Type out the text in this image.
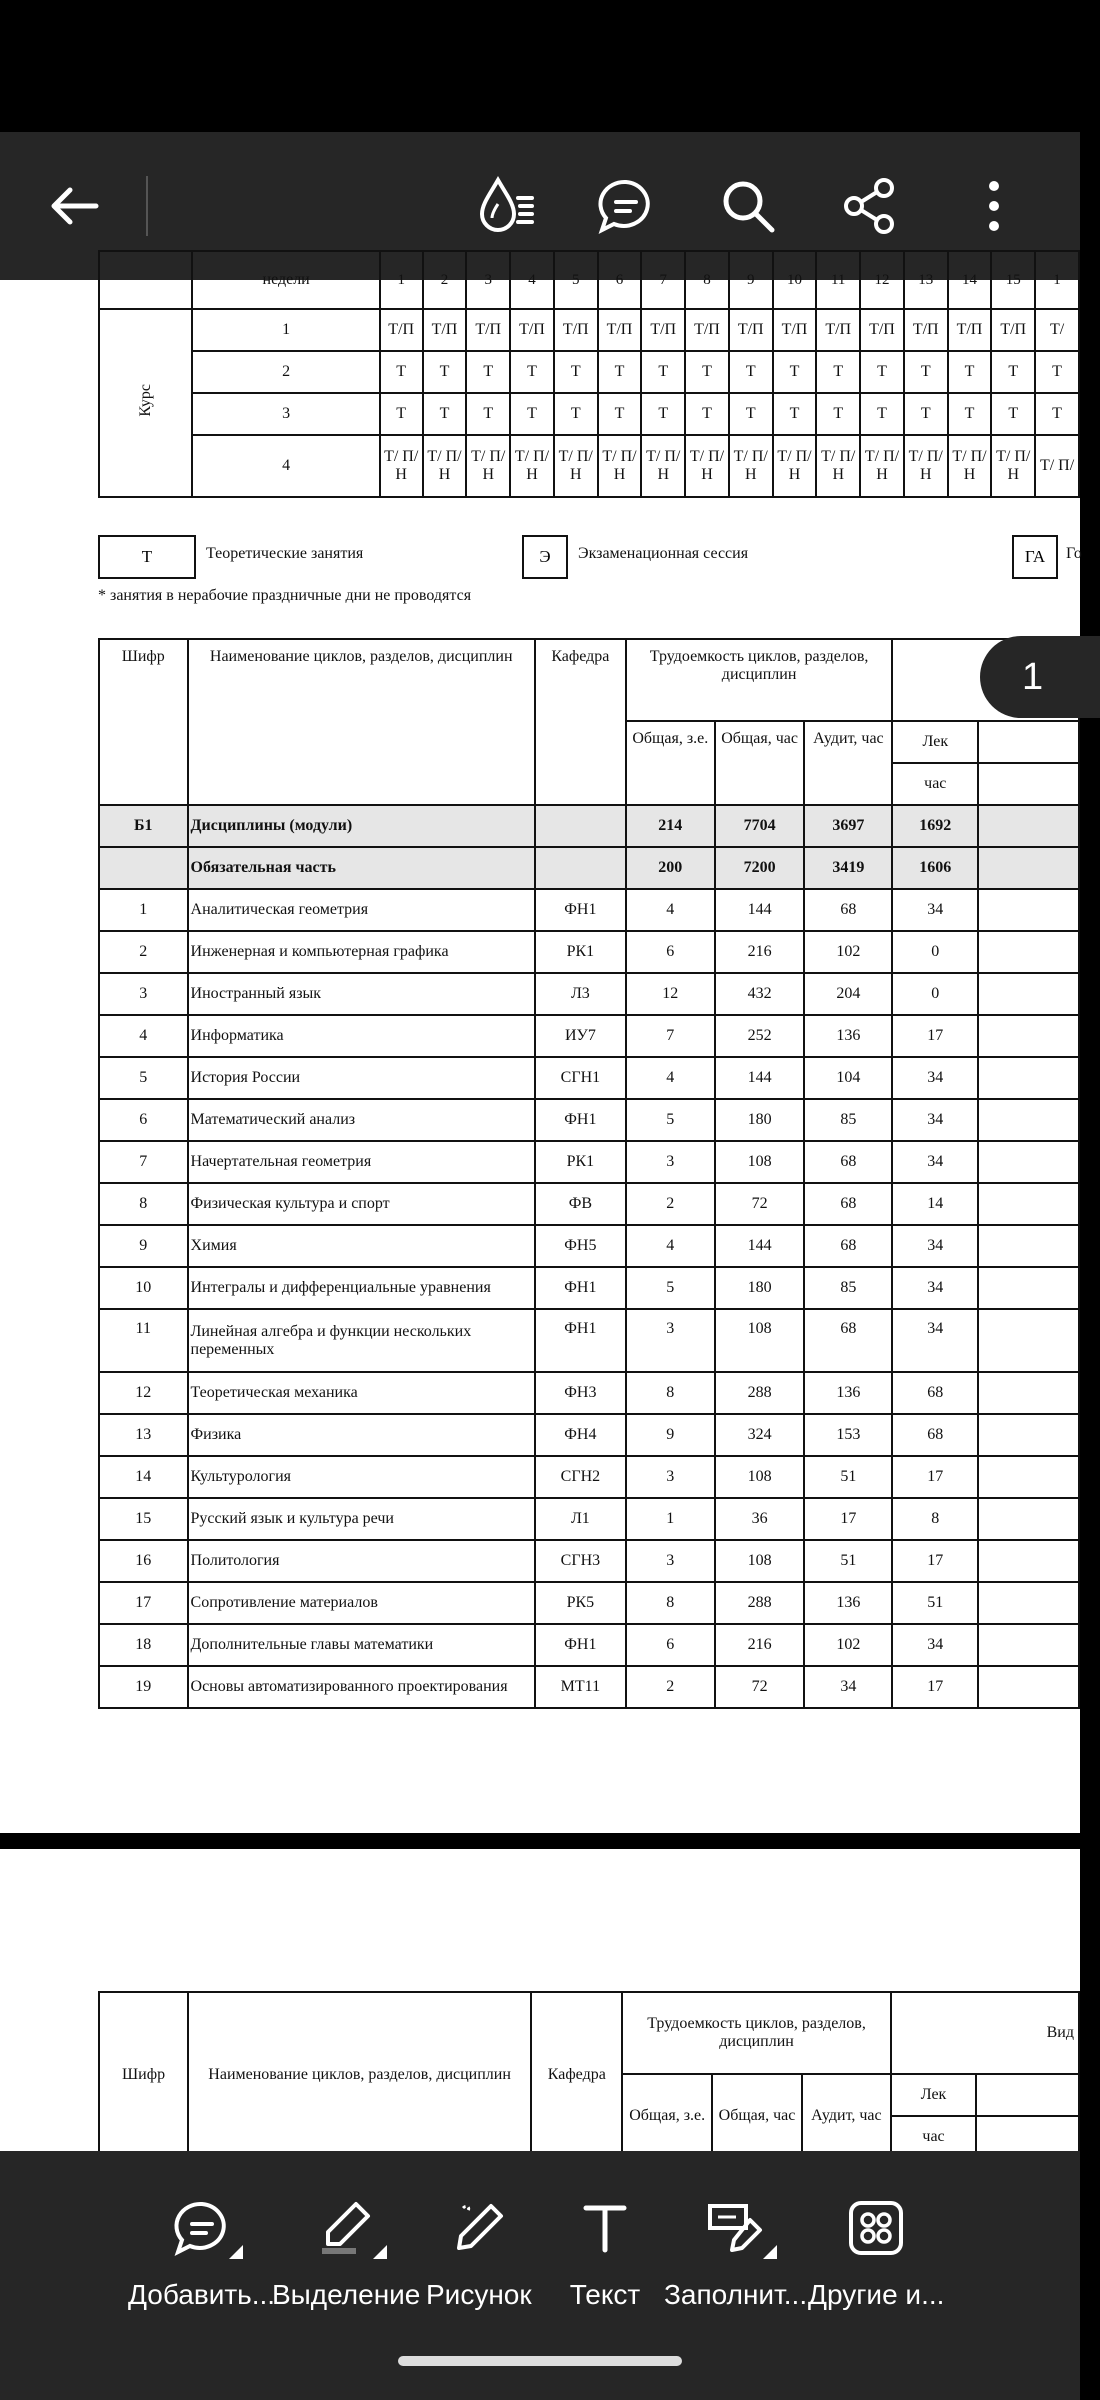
	недели	1	2	3	4	5	6	7	8	9	10	11	12	13	14	15	1
Курс	1	Т/П	Т/П	Т/П	Т/П	Т/П	Т/П	Т/П	Т/П	Т/П	Т/П	Т/П	Т/П	Т/П	Т/П	Т/П	Т/
	2	Т	Т	Т	Т	Т	Т	Т	Т	Т	Т	Т	Т	Т	Т	Т	Т
	3	Т	Т	Т	Т	Т	Т	Т	Т	Т	Т	Т	Т	Т	Т	Т	Т
	4	Т/ П/Н	Т/ П/Н	Т/ П/Н	Т/ П/Н	Т/ П/Н	Т/ П/Н	Т/ П/Н	Т/ П/Н	Т/ П/Н	Т/ П/Н	Т/ П/Н	Т/ П/Н	Т/ П/Н	Т/ П/Н	Т/ П/Н	Т/ П/
Т	Теоретические занятия	Э	Экзаменационная сессия	ГА	Го
* занятия в нерабочие праздничные дни не проводятся
Шифр	Наименование циклов, разделов, дисциплин	Кафедра	Трудоемкость циклов, разделов, дисциплин				
			Общая, з.е.	Общая, час	Аудит, час	Лек	
						час	
Б1	Дисциплины (модули)		214	7704	3697	1692	
	Обязательная часть		200	7200	3419	1606	
1	Аналитическая геометрия	ФН1	4	144	68	34	
2	Инженерная и компьютерная графика	РК1	6	216	102	0	
3	Иностранный язык	Л3	12	432	204	0	
4	Информатика	ИУ7	7	252	136	17	
5	История России	СГН1	4	144	104	34	
6	Математический анализ	ФН1	5	180	85	34	
7	Начертательная геометрия	РК1	3	108	68	34	
8	Физическая культура и спорт	ФВ	2	72	68	14	
9	Химия	ФН5	4	144	68	34	
10	Интегралы и дифференциальные уравнения	ФН1	5	180	85	34	
11	Линейная алгебра и функции нескольких переменных	ФН1	3	108	68	34	
12	Теоретическая механика	ФН3	8	288	136	68	
13	Физика	ФН4	9	324	153	68	
14	Культурология	СГН2	3	108	51	17	
15	Русский язык и культура речи	Л1	1	36	17	8	
16	Политология	СГН3	3	108	51	17	
17	Сопротивление материалов	РК5	8	288	136	51	
18	Дополнительные главы математики	ФН1	6	216	102	34	
19	Основы автоматизированного проектирования	МТ11	2	72	34	17	
1
Шифр	Наименование циклов, разделов, дисциплин	Кафедра	Трудоемкость циклов, разделов, дисциплин			Вид	
			Общая, з.е.	Общая, час	Аудит, час	Лек	
						час	
Добавить...
Выделение Рисунок Текст Заполнит... Другие и...
